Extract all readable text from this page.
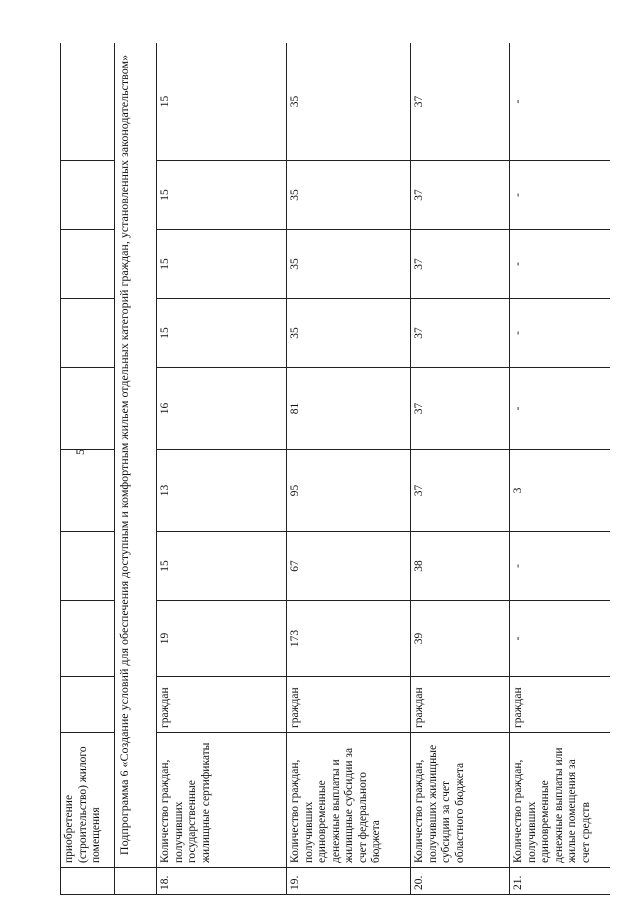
5
	приобретение (строительство) жилого помещения									
	Подпрограмма 6 «Создание условий для обеспечения доступным и комфортным жильем отдельных категорий граждан, установленных законодательством»									
18.	Количество граждан, получивших государственные жилищные сертификаты	граждан	19	15	13	16	15	15	15	15
19.	Количество граждан, получивших единовременные денежные выплаты и жилищные субсидии за счет федерального бюджета	граждан	173	67	95	81	35	35	35	35
20.	Количество граждан, получивших жилищные субсидии за счет областного бюджета	граждан	39	38	37	37	37	37	37	37
21.	Количество граждан, получивших единовременные денежные выплаты или жилые помещения за счет средств	граждан	-	-	3	-	-	-	-	-
